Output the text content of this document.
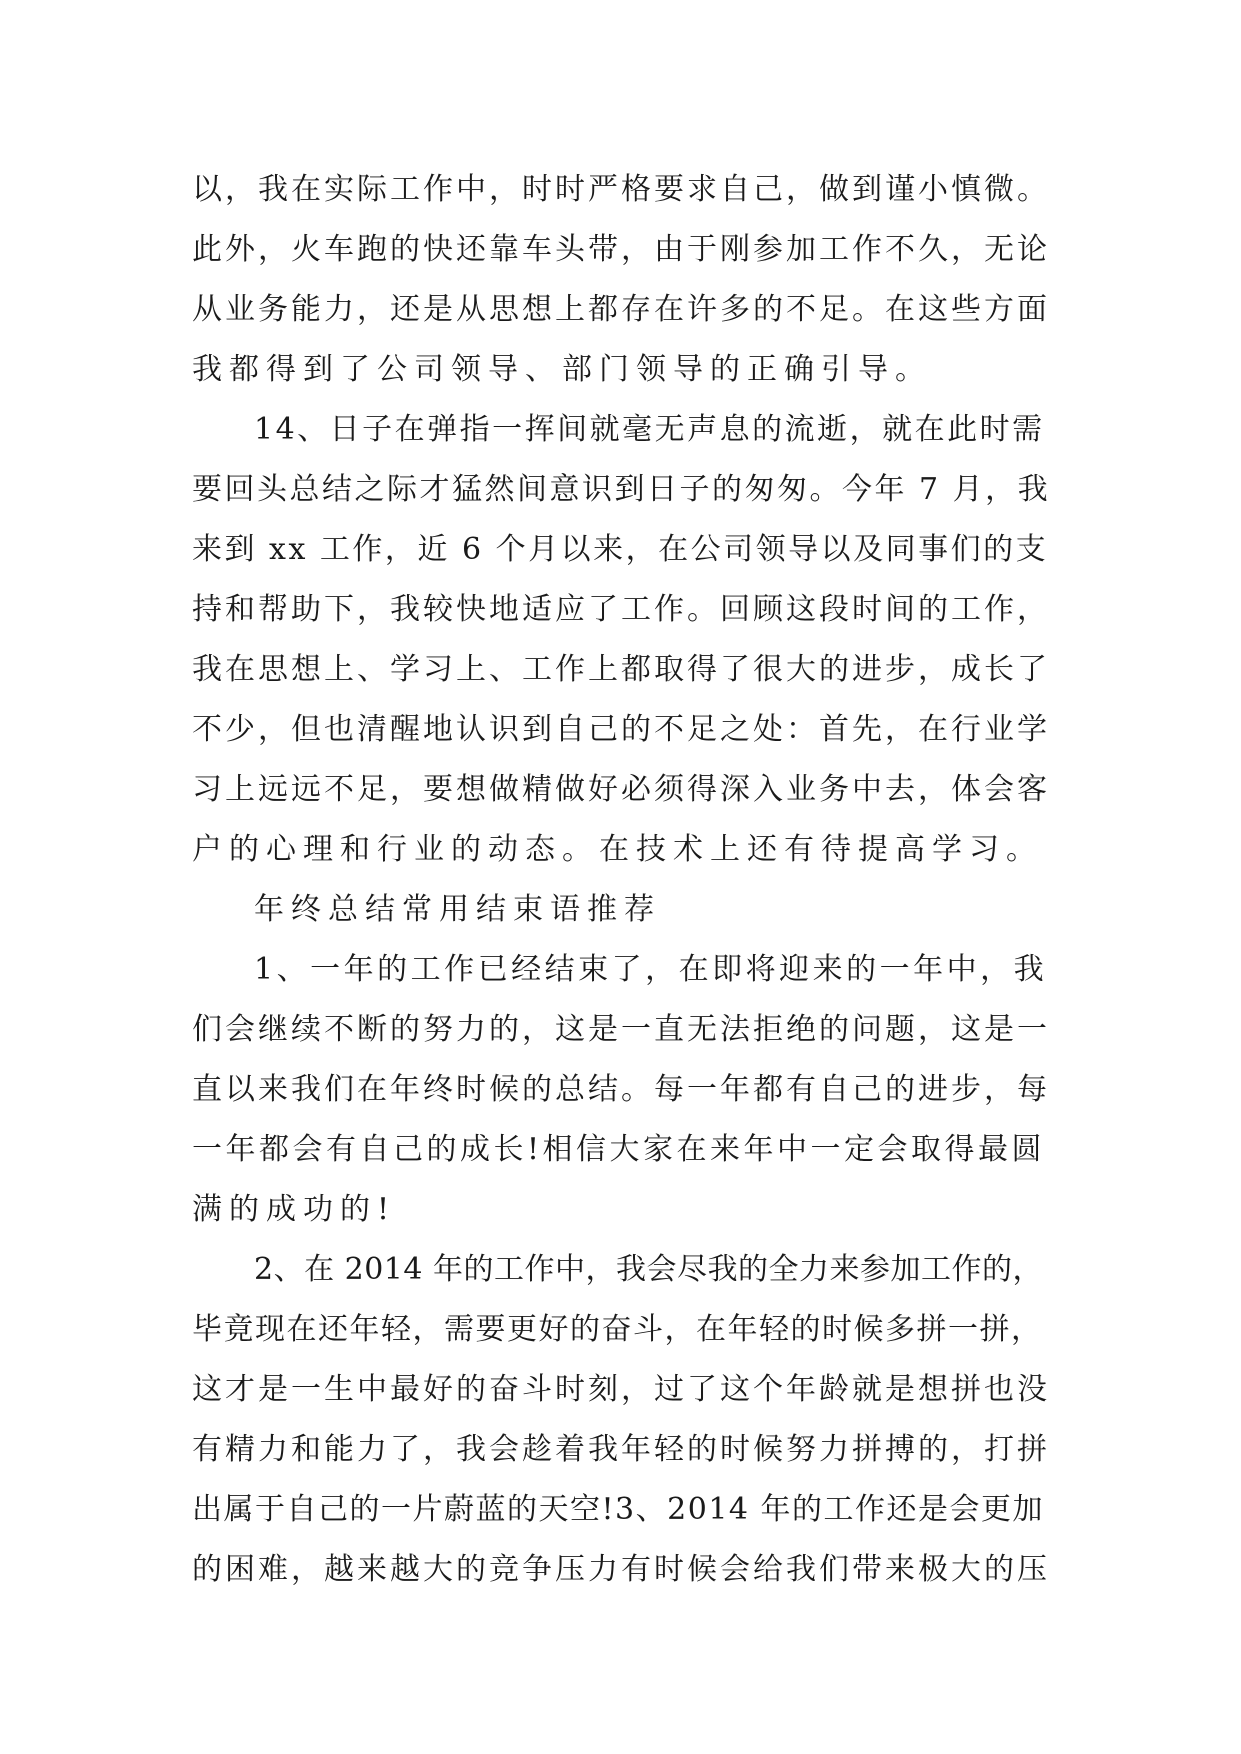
以，我在实际工作中，时时严格要求自己，做到谨小慎微。
此外，火车跑的快还靠车头带，由于刚参加工作不久，无论
从业务能力，还是从思想上都存在许多的不足。在这些方面
我都得到了公司领导、部门领导的正确引导。
14、日子在弹指一挥间就毫无声息的流逝，就在此时需
要回头总结之际才猛然间意识到日子的匆匆。今年 7 月，我
来到 xx 工作，近 6 个月以来，在公司领导以及同事们的支
持和帮助下，我较快地适应了工作。回顾这段时间的工作，
我在思想上、学习上、工作上都取得了很大的进步，成长了
不少，但也清醒地认识到自己的不足之处：首先，在行业学
习上远远不足，要想做精做好必须得深入业务中去，体会客
户的心理和行业的动态。在技术上还有待提高学习。
年终总结常用结束语推荐
1、一年的工作已经结束了，在即将迎来的一年中，我
们会继续不断的努力的，这是一直无法拒绝的问题，这是一
直以来我们在年终时候的总结。每一年都有自己的进步，每
一年都会有自己的成长!相信大家在来年中一定会取得最圆
满的成功的!
2、在 2014 年的工作中，我会尽我的全力来参加工作的，
毕竟现在还年轻，需要更好的奋斗，在年轻的时候多拼一拼，
这才是一生中最好的奋斗时刻，过了这个年龄就是想拼也没
有精力和能力了，我会趁着我年轻的时候努力拼搏的，打拼
出属于自己的一片蔚蓝的天空!3、2014 年的工作还是会更加
的困难，越来越大的竞争压力有时候会给我们带来极大的压
